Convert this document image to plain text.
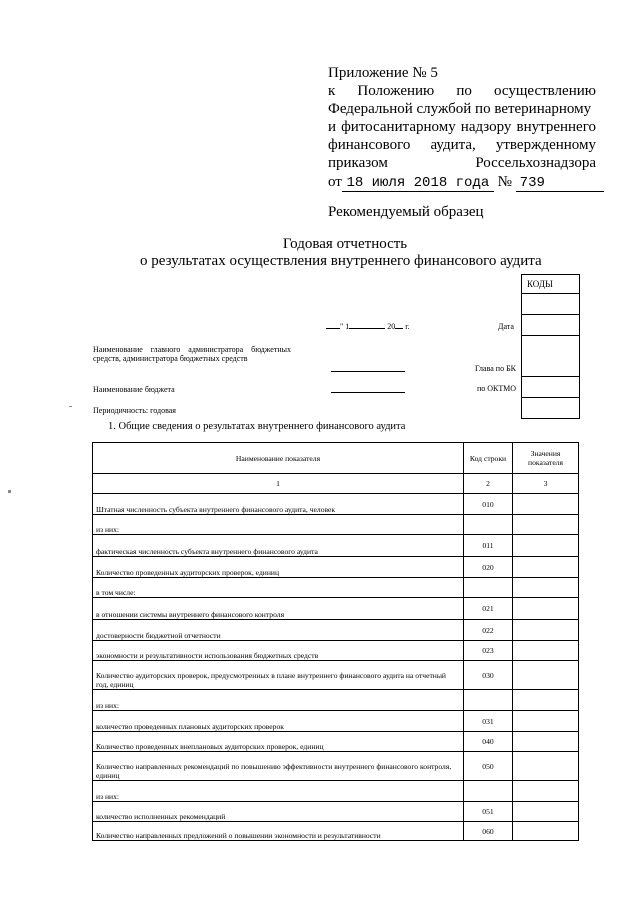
Приложение № 5
к Положению по осуществлению
Федеральной службой по ветеринарному
и фитосанитарному надзору внутреннего
финансового аудита, утвержденному
приказом	Россельхознадзора
от 18 июля 2018 года № 739
Рекомендуемый образец
Годовая отчетность
о результатах осуществления внутреннего финансового аудита
КОДЫ
" 1	20 г.	Дата
Наименование главного администратора бюджетных средств, администратора бюджетных средств
Глава по БК
Наименование бюджета	по ОКТМО
Периодичность: годовая
1. Общие сведения о результатах внутреннего финансового аудита
Наименование показателя	Код строки	Значения показателя
1	2	3
Штатная численность субъекта внутреннего финансового аудита, человек	010	
из них:		
фактическая численность субъекта внутреннего финансового аудита	011	
Количество проведенных аудиторских проверок, единиц	020	
в том числе:		
в отношении системы внутреннего финансового контроля	021	
достоверности бюджетной отчетности	022	
экономности и результативности использования бюджетных средств	023	
Количество аудиторских проверок, предусмотренных в плане внутреннего финансового аудита на отчетный год, единиц	030	
из них:		
количество проведенных плановых аудиторских проверок	031	
Количество проведенных внеплановых аудиторских проверок, единиц	040	
Количество направленных рекомендаций по повышению эффективности внутреннего финансового контроля, единиц	050	
из них:		
количество исполненных рекомендаций	051	
Количество направленных предложений о повышении экономности и результативности	060	
